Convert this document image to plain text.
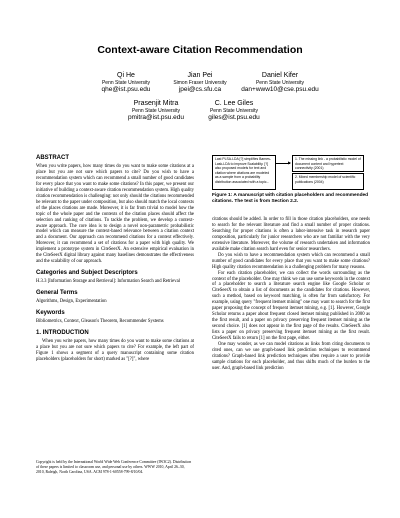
Context-aware Citation Recommendation
Qi He
Penn State University
qhe@ist.psu.edu
Jian Pei
Simon Fraser University
jpei@cs.sfu.ca
Daniel Kifer
Penn State University
dan+www10@cse.psu.edu
Prasenjit Mitra
Penn State University
pmitra@ist.psu.edu
C. Lee Giles
Penn State University
giles@ist.psu.edu
ABSTRACT

When you write papers, how many times do you want to make some citations at a place but you are not sure which papers to cite? Do you wish to have a recommendation system which can recommend a small number of good candidates for every place that you want to make some citations? In this paper, we present our initiative of building a context-aware citation recommendation system. High quality citation recommendation is challenging: not only should the citations recommended be relevant to the paper under composition, but also should match the local contexts of the places citations are made. Moreover, it is far from trivial to model how the topic of the whole paper and the contexts of the citation places should affect the selection and ranking of citations. To tackle the problem, we develop a context-aware approach. The core idea is to design a novel non-parametric probabilistic model which can measure the context-based relevance between a citation context and a document. Our approach can recommend citations for a context effectively. Moreover, it can recommend a set of citations for a paper with high quality. We implement a prototype system in CiteSeerX. An extensive empirical evaluation in the CiteSeerX digital library against many baselines demonstrates the effectiveness and the scalability of our approach.

Categories and Subject Descriptors

H.3.3 [Information Storage and Retrieval]: Information Search and Retrieval

General Terms

Algorithms, Design, Experimentation

Keywords

Bibliometrics, Context, Gleason's Theorem, Recommender Systems

1. INTRODUCTION

When you write papers, how many times do you want to make some citations at a place but you are not sure which papers to cite? For example, the left part of Figure 1 shows a segment of a query manuscript containing some citation placeholders (placeholders for short) marked as "[?]", where

Copyright is held by the International World Wide Web Conference Committee (IW3C2). Distribution of these papers is limited to classroom use, and personal use by others. WWW 2010, April 26–30, 2010, Raleigh, North Carolina, USA. ACM 978-1-60558-799-8/10/04.

Last PLSA-LDA [?] simplifies Barnes-Lask-LDA to improve Scalability. [?] also proposed models for text and citation where citations are modeled as a sample from a probability distribution associated with a topic...
▶
1. The missing link - a probabilistic model of document content and hypertext connectivity (2001)
2. Mixed membership model of scientific publications (2004)

Figure 1: A manuscript with citation placeholders and recommended citations. The text is from Section 2.2.

citations should be added. In order to fill in those citation placeholders, one needs to search for the relevant literature and find a small number of proper citations. Searching for proper citations is often a labor-intensive task in research paper composition, particularly for junior researchers who are not familiar with the very extensive literature. Moreover, the volume of research undertaken and information available make citation search hard even for senior researchers.

Do you wish to have a recommendation system which can recommend a small number of good candidates for every place that you want to make some citations? High quality citation recommendation is a challenging problem for many reasons.

For each citation placeholder, we can collect the words surrounding as the context of the placeholder. One may think we can use some keywords in the context of a placeholder to search a literature search engine like Google Scholar or CiteSeerX to obtain a list of documents as the candidates for citations. However, such a method, based on keyword matching, is often far from satisfactory. For example, using query "frequent itemset mining" one may want to search for the first paper proposing the concept of frequent itemset mining, e.g. [1]. However, Google Scholar returns a paper about frequent closed itemset mining published in 2000 as the first result, and a paper on privacy preserving frequent itemset mining as the second choice. [1] does not appear in the first page of the results. CiteSeerX also lists a paper on privacy preserving frequent itemset mining as the first result. CiteSeerX fails to return [1] on the first page, either.

One may wonder, as we can model citations as links from citing documents to cited ones, can we use graph-based link prediction techniques to recommend citations? Graph-based link prediction techniques often require a user to provide sample citations for each placeholder, and thus shifts much of the burden to the user. And, graph-based link prediction
